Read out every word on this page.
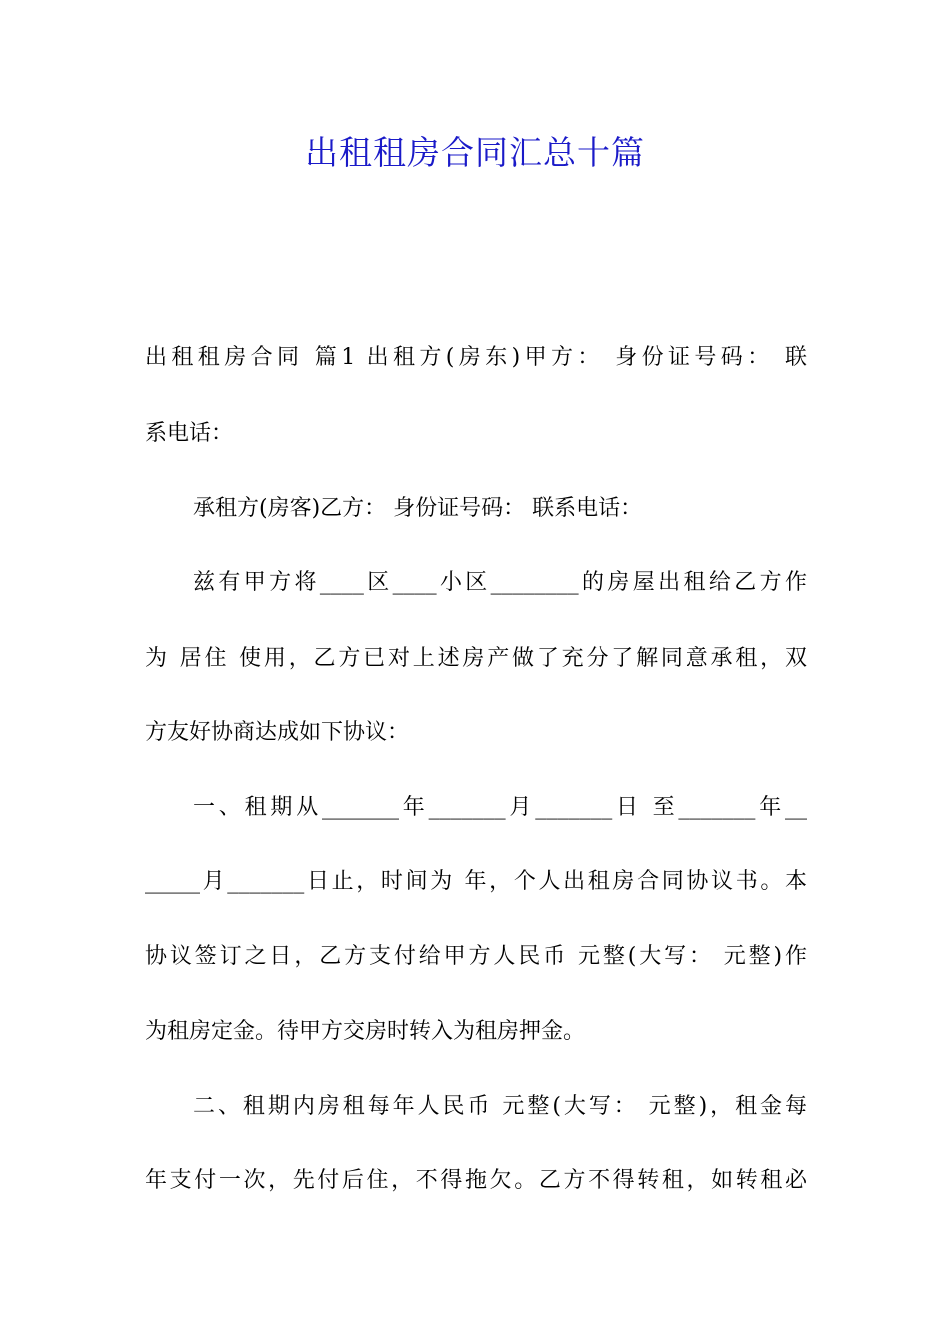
出租租房合同汇总十篇

出租租房合同 篇1 出租方(房东)甲方： 身份证号码： 联

系电话：

承租方(房客)乙方： 身份证号码： 联系电话：

兹有甲方将____区____小区________的房屋出租给乙方作

为 居住 使用，乙方已对上述房产做了充分了解同意承租，双

方友好协商达成如下协议：

一、租期从_______年_______月_______日 至_______年__

_____月_______日止，时间为 年，个人出租房合同协议书。本

协议签订之日，乙方支付给甲方人民币 元整(大写： 元整)作

为租房定金。待甲方交房时转入为租房押金。

二、租期内房租每年人民币 元整(大写： 元整)，租金每

年支付一次，先付后住，不得拖欠。乙方不得转租，如转租必
